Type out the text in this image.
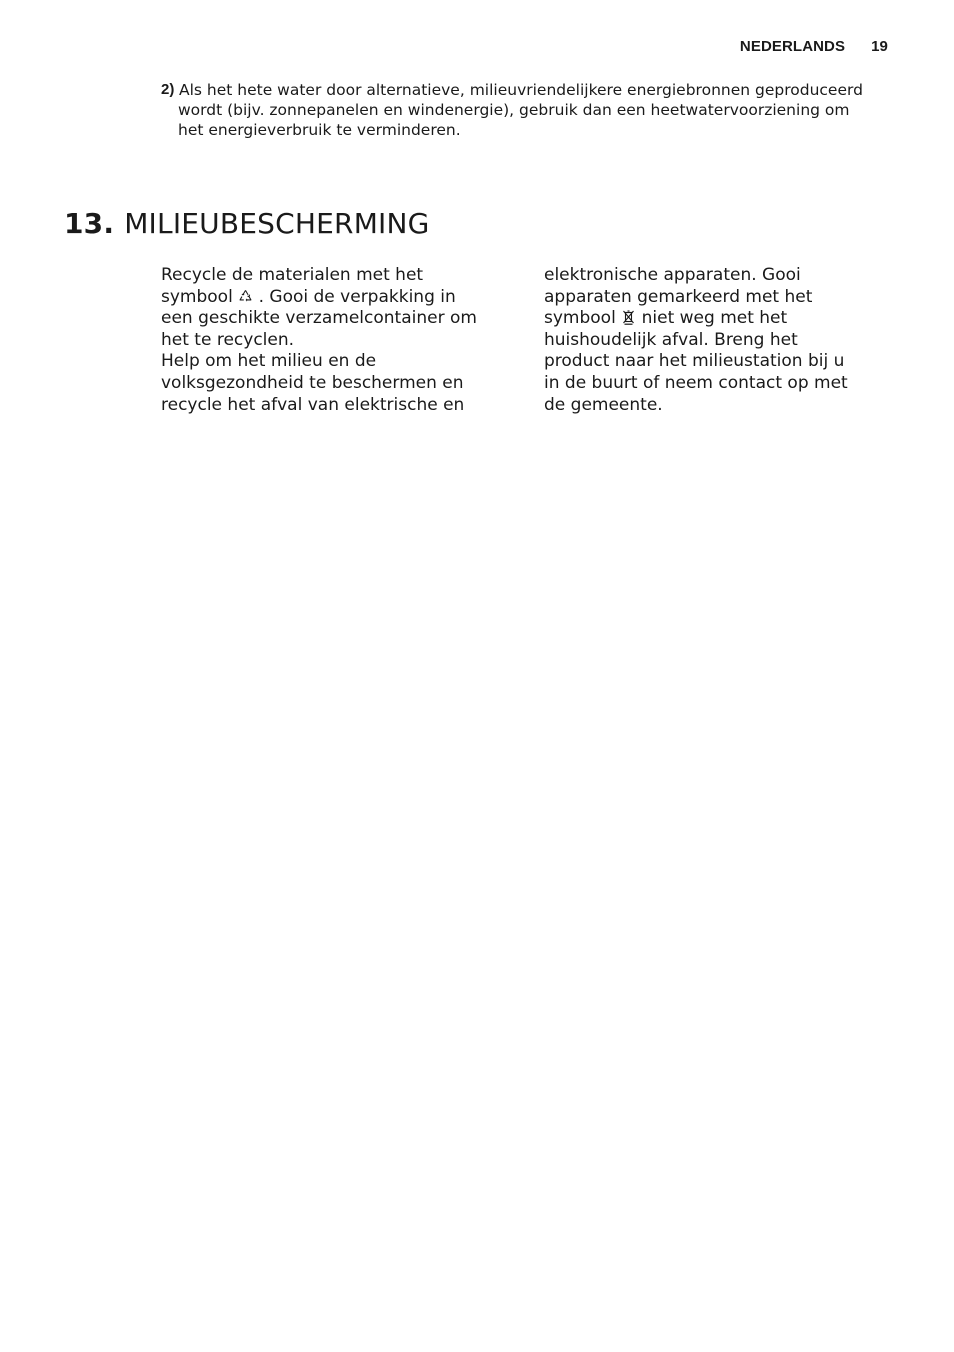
NEDERLANDS 19
2) Als het hete water door alternatieve, milieuvriendelijkere energiebronnen geproduceerd
wordt (bijv. zonnepanelen en windenergie), gebruik dan een heetwatervoorziening om
het energieverbruik te verminderen.
13. MILIEUBESCHERMING
Recycle de materialen met het
symbool  . Gooi de verpakking in
een geschikte verzamelcontainer om
het te recyclen.
Help om het milieu en de
volksgezondheid te beschermen en
recycle het afval van elektrische en
elektronische apparaten. Gooi
apparaten gemarkeerd met het
symbool  niet weg met het
huishoudelijk afval. Breng het
product naar het milieustation bij u
in de buurt of neem contact op met
de gemeente.
